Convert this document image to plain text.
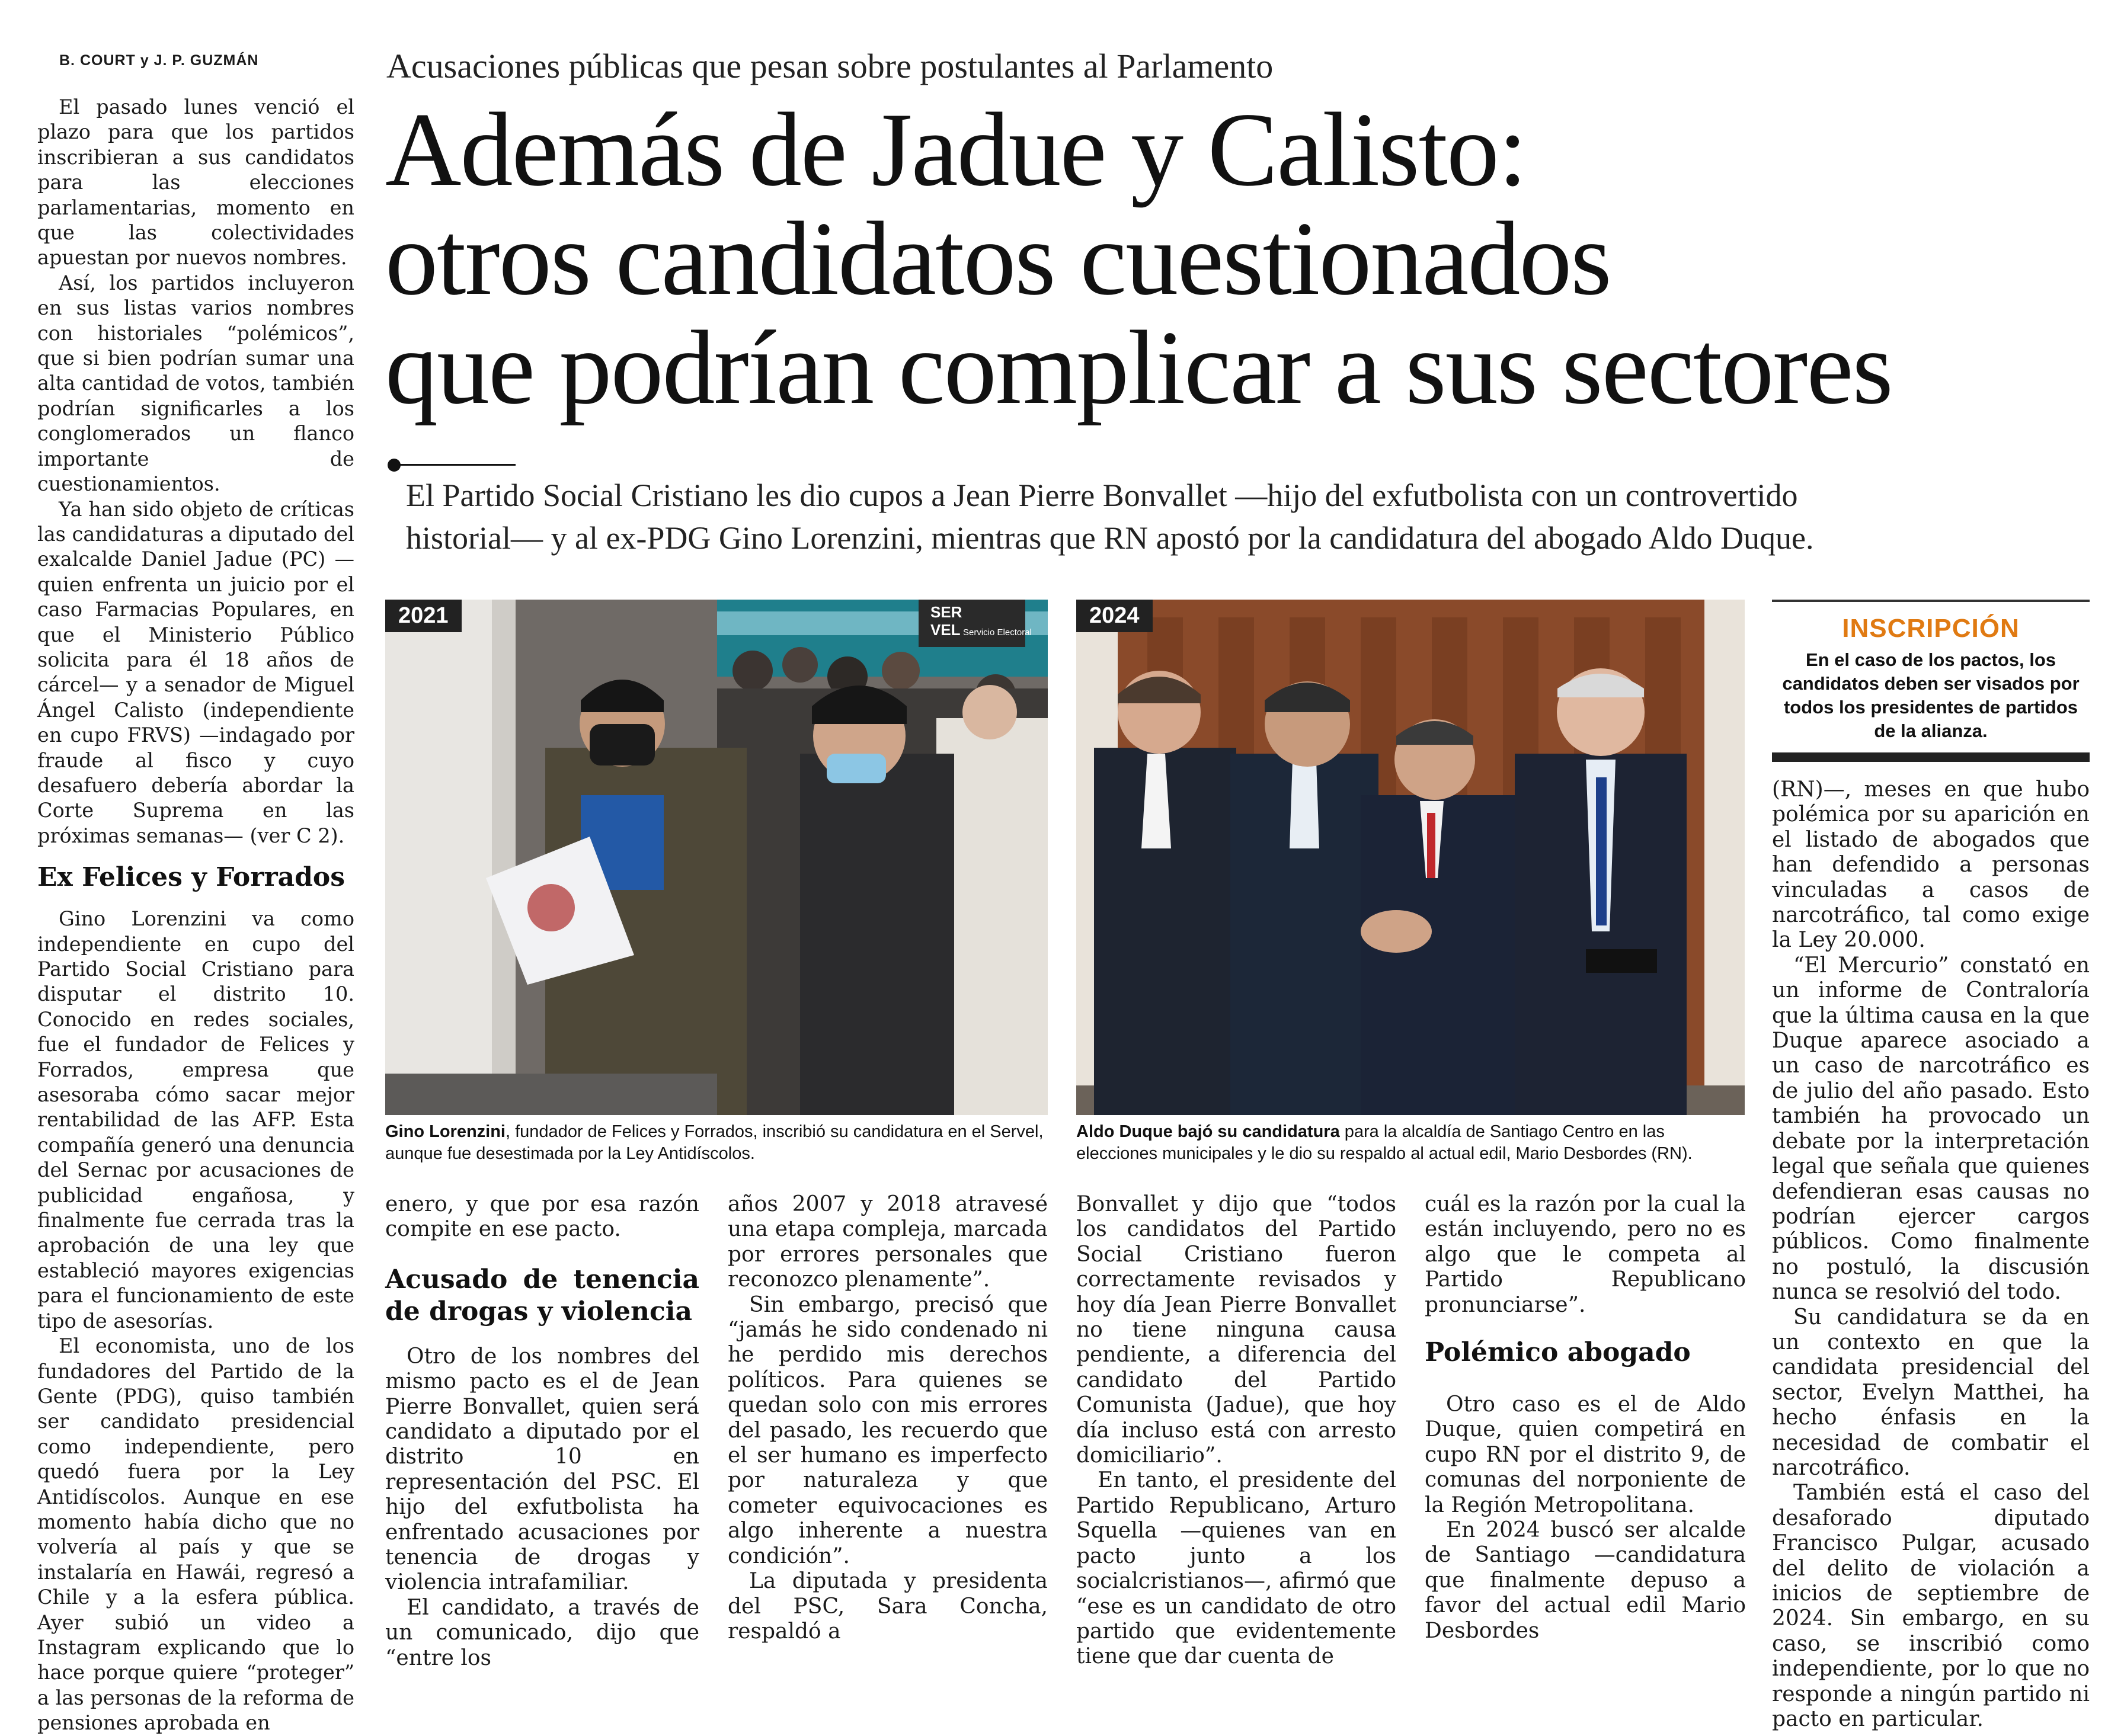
B. COURT y J. P. GUZMÁN	Acusaciones públicas que pesan sobre postulantes al Parlamento
Además de Jadue y Calisto:
otros candidatos cuestionados
que podrían complicar a sus sectores
El Partido Social Cristiano les dio cupos a Jean Pierre Bonvallet —hijo del exfutbolista con un controvertido
historial— y al ex-PDG Gino Lorenzini, mientras que RN apostó por la candidatura del abogado Aldo Duque.

El pasado lunes venció el plazo para que los partidos inscribieran a sus candidatos para las elecciones parlamentarias, momento en que las colectividades apuestan por nuevos nombres.

Así, los partidos incluyeron en sus listas varios nombres con historiales “polémicos”, que si bien podrían sumar una alta cantidad de votos, también podrían significarles a los conglomerados un flanco importante de cuestionamientos.

Ya han sido objeto de críticas las candidaturas a diputado del exalcalde Daniel Jadue (PC) —quien enfrenta un juicio por el caso Farmacias Populares, en que el Ministerio Público solicita para él 18 años de cárcel— y a senador de Miguel Ángel Calisto (independiente en cupo FRVS) —indagado por fraude al fisco y cuyo desafuero debería abordar la Corte Suprema en las próximas semanas— (ver C 2).

Ex Felices y Forrados

Gino Lorenzini va como independiente en cupo del Partido Social Cristiano para disputar el distrito 10. Conocido en redes sociales, fue el fundador de Felices y Forrados, empresa que asesoraba cómo sacar mejor rentabilidad de las AFP. Esta compañía generó una denuncia del Sernac por acusaciones de publicidad engañosa, y finalmente fue cerrada tras la aprobación de una ley que estableció mayores exigencias para el funcionamiento de este tipo de asesorías.

El economista, uno de los fundadores del Partido de la Gente (PDG), quiso también ser candidato presidencial como independiente, pero quedó fuera por la Ley Antidíscolos. Aunque en ese momento había dicho que no volvería al país y que se instalaría en Hawái, regresó a Chile y a la esfera pública. Ayer subió un video a Instagram explicando que lo hace porque quiere “proteger” a las personas de la reforma de pensiones aprobada en

SER
VEL Servicio Electoral
2021
Gino Lorenzini, fundador de Felices y Forrados, inscribió su candidatura en el Servel, aunque fue desestimada por la Ley Antidíscolos.
2024
Aldo Duque bajó su candidatura para la alcaldía de Santiago Centro en las elecciones municipales y le dio su respaldo al actual edil, Mario Desbordes (RN).
INSCRIPCIÓN
En el caso de los pactos, los candidatos deben ser visados por todos los presidentes de partidos de la alianza.

enero, y que por esa razón compite en ese pacto.

Acusado de tenencia de drogas y violencia

Otro de los nombres del mismo pacto es el de Jean Pierre Bonvallet, quien será candidato a diputado por el distrito 10 en representación del PSC. El hijo del exfutbolista ha enfrentado acusaciones por tenencia de drogas y violencia intrafamiliar.

El candidato, a través de un comunicado, dijo que “entre los

años 2007 y 2018 atravesé una etapa compleja, marcada por errores personales que reconozco plenamente”.

Sin embargo, precisó que “jamás he sido condenado ni he perdido mis derechos políticos. Para quienes se quedan solo con mis errores del pasado, les recuerdo que el ser humano es imperfecto por naturaleza y que cometer equivocaciones es algo inherente a nuestra condición”.

La diputada y presidenta del PSC, Sara Concha, respaldó a

Bonvallet y dijo que “todos los candidatos del Partido Social Cristiano fueron correctamente revisados y hoy día Jean Pierre Bonvallet no tiene ninguna causa pendiente, a diferencia del candidato del Partido Comunista (Jadue), que hoy día incluso está con arresto domiciliario”.

En tanto, el presidente del Partido Republicano, Arturo Squella —quienes van en pacto junto a los socialcristianos—, afirmó que “ese es un candidato de otro partido que evidentemente tiene que dar cuenta de

cuál es la razón por la cual la están incluyendo, pero no es algo que le competa al Partido Republicano pronunciarse”.

Polémico abogado

Otro caso es el de Aldo Duque, quien competirá en cupo RN por el distrito 9, de comunas del norponiente de la Región Metropolitana.

En 2024 buscó ser alcalde de Santiago —candidatura que finalmente depuso a favor del actual edil Mario Desbordes

(RN)—, meses en que hubo polémica por su aparición en el listado de abogados que han defendido a personas vinculadas a casos de narcotráfico, tal como exige la Ley 20.000.

“El Mercurio” constató en un informe de Contraloría que la última causa en la que Duque aparece asociado a un caso de narcotráfico es de julio del año pasado. Esto también ha provocado un debate por la interpretación legal que señala que quienes defendieran esas causas no podrían ejercer cargos públicos. Como finalmente no postuló, la discusión nunca se resolvió del todo.

Su candidatura se da en un contexto en que la candidata presidencial del sector, Evelyn Matthei, ha hecho énfasis en la necesidad de combatir el narcotráfico.

También está el caso del desaforado diputado Francisco Pulgar, acusado del delito de violación a inicios de septiembre de 2024. Sin embargo, en su caso, se inscribió como independiente, por lo que no responde a ningún partido ni pacto en particular.
